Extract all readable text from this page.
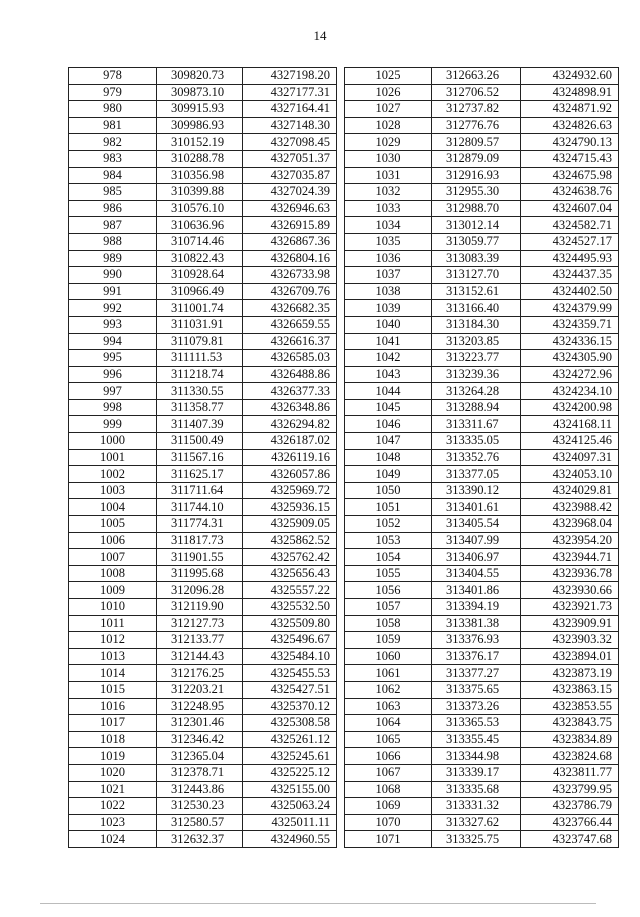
14
978	309820.73	4327198.20
979	309873.10	4327177.31
980	309915.93	4327164.41
981	309986.93	4327148.30
982	310152.19	4327098.45
983	310288.78	4327051.37
984	310356.98	4327035.87
985	310399.88	4327024.39
986	310576.10	4326946.63
987	310636.96	4326915.89
988	310714.46	4326867.36
989	310822.43	4326804.16
990	310928.64	4326733.98
991	310966.49	4326709.76
992	311001.74	4326682.35
993	311031.91	4326659.55
994	311079.81	4326616.37
995	311111.53	4326585.03
996	311218.74	4326488.86
997	311330.55	4326377.33
998	311358.77	4326348.86
999	311407.39	4326294.82
1000	311500.49	4326187.02
1001	311567.16	4326119.16
1002	311625.17	4326057.86
1003	311711.64	4325969.72
1004	311744.10	4325936.15
1005	311774.31	4325909.05
1006	311817.73	4325862.52
1007	311901.55	4325762.42
1008	311995.68	4325656.43
1009	312096.28	4325557.22
1010	312119.90	4325532.50
1011	312127.73	4325509.80
1012	312133.77	4325496.67
1013	312144.43	4325484.10
1014	312176.25	4325455.53
1015	312203.21	4325427.51
1016	312248.95	4325370.12
1017	312301.46	4325308.58
1018	312346.42	4325261.12
1019	312365.04	4325245.61
1020	312378.71	4325225.12
1021	312443.86	4325155.00
1022	312530.23	4325063.24
1023	312580.57	4325011.11
1024	312632.37	4324960.55
1025	312663.26	4324932.60
1026	312706.52	4324898.91
1027	312737.82	4324871.92
1028	312776.76	4324826.63
1029	312809.57	4324790.13
1030	312879.09	4324715.43
1031	312916.93	4324675.98
1032	312955.30	4324638.76
1033	312988.70	4324607.04
1034	313012.14	4324582.71
1035	313059.77	4324527.17
1036	313083.39	4324495.93
1037	313127.70	4324437.35
1038	313152.61	4324402.50
1039	313166.40	4324379.99
1040	313184.30	4324359.71
1041	313203.85	4324336.15
1042	313223.77	4324305.90
1043	313239.36	4324272.96
1044	313264.28	4324234.10
1045	313288.94	4324200.98
1046	313311.67	4324168.11
1047	313335.05	4324125.46
1048	313352.76	4324097.31
1049	313377.05	4324053.10
1050	313390.12	4324029.81
1051	313401.61	4323988.42
1052	313405.54	4323968.04
1053	313407.99	4323954.20
1054	313406.97	4323944.71
1055	313404.55	4323936.78
1056	313401.86	4323930.66
1057	313394.19	4323921.73
1058	313381.38	4323909.91
1059	313376.93	4323903.32
1060	313376.17	4323894.01
1061	313377.27	4323873.19
1062	313375.65	4323863.15
1063	313373.26	4323853.55
1064	313365.53	4323843.75
1065	313355.45	4323834.89
1066	313344.98	4323824.68
1067	313339.17	4323811.77
1068	313335.68	4323799.95
1069	313331.32	4323786.79
1070	313327.62	4323766.44
1071	313325.75	4323747.68
